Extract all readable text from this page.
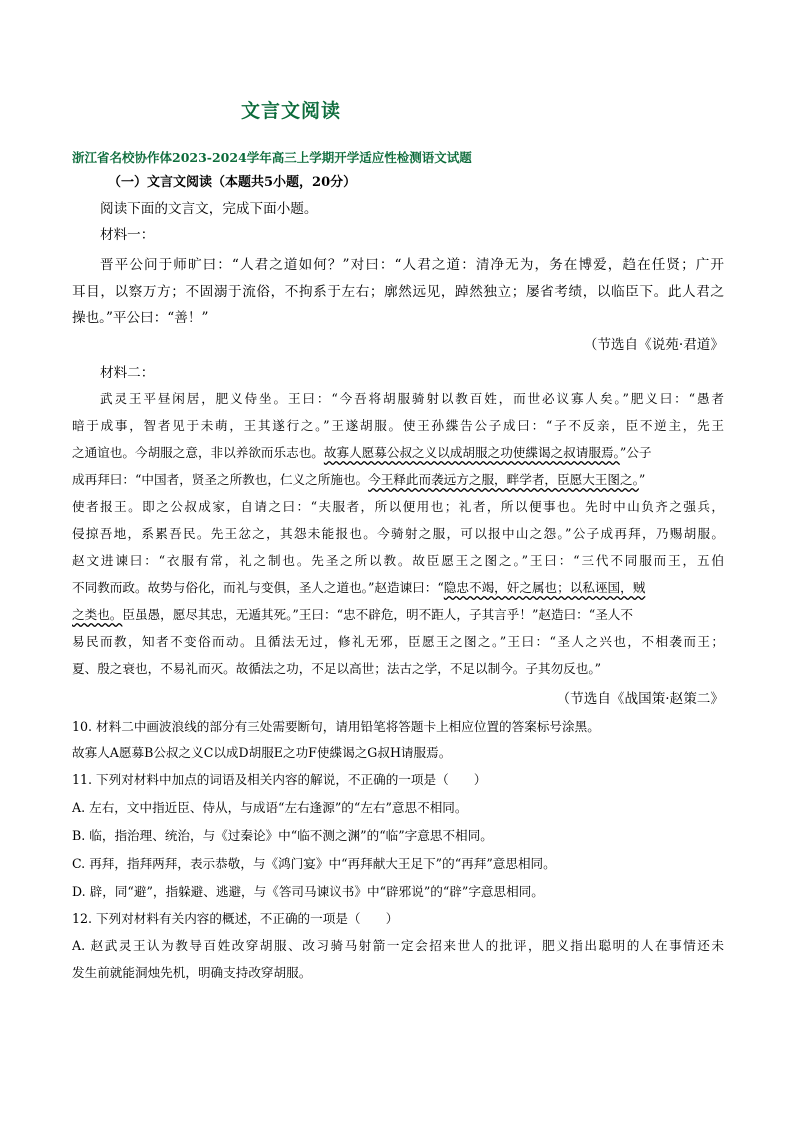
文言文阅读
浙江省名校协作体2023-2024学年高三上学期开学适应性检测语文试题
（一）文言文阅读（本题共5小题，20分）
阅读下面的文言文，完成下面小题。
材料一：
晋平公问于师旷曰：“人君之道如何？”对曰：“人君之道：清净无为，务在博爱，趋在任贤；广开
耳目，以察万方；不固溺于流俗，不拘系于左右；廓然远见，踔然独立；屡省考绩，以临臣下。此人君之
操也。”平公曰：“善！”
（节选自《说苑·君道》
材料二：
武灵王平昼闲居，肥义侍坐。王曰：“今吾将胡服骑射以教百姓，而世必议寡人矣。”肥义曰：“愚者
暗于成事，智者见于未萌，王其遂行之。”王遂胡服。使王孙緤告公子成曰：“子不反亲，臣不逆主，先王
之通谊也。今胡服之意，非以养欲而乐志也。故寡人愿募公叔之义以成胡服之功使緤谒之叔请服焉。”公子
成再拜曰：“中国者，贤圣之所教也，仁义之所施也。今王释此而袭远方之服，畔学者，臣愿大王图之。”
使者报王。即之公叔成家，自请之曰：“夫服者，所以便用也；礼者，所以便事也。先时中山负齐之强兵，
侵掠吾地，系累吾民。先王忿之，其怨未能报也。今骑射之服，可以报中山之怨。”公子成再拜，乃赐胡服。
赵文进谏曰：“衣服有常，礼之制也。先圣之所以教。故臣愿王之图之。”王曰：“三代不同服而王，五伯
不同教而政。故势与俗化，而礼与变俱，圣人之道也。”赵造谏曰：“隐忠不竭，奸之属也；以私诬国，贼
之类也。臣虽愚，愿尽其忠，无遁其死。”王曰：“忠不辟危，明不距人，子其言乎！”赵造曰：“圣人不
易民而教，知者不变俗而动。且循法无过，修礼无邪，臣愿王之图之。”王曰：“圣人之兴也，不相袭而王；
夏、殷之衰也，不易礼而灭。故循法之功，不足以高世；法古之学，不足以制今。子其勿反也。”
（节选自《战国策·赵策二》
10. 材料二中画波浪线的部分有三处需要断句，请用铅笔将答题卡上相应位置的答案标号涂黑。
故寡人A愿募B公叔之义C以成D胡服E之功F使緤谒之G叔H请服焉。
11. 下列对材料中加点的词语及相关内容的解说，不正确的一项是（　　）
A. 左右，文中指近臣、侍从，与成语“左右逢源”的“左右”意思不相同。
B. 临，指治理、统治，与《过秦论》中“临不测之渊”的“临”字意思不相同。
C. 再拜，指拜两拜，表示恭敬，与《鸿门宴》中“再拜献大王足下”的“再拜”意思相同。
D. 辟，同“避”，指躲避、逃避，与《答司马谏议书》中“辟邪说”的“辟”字意思相同。
12. 下列对材料有关内容的概述，不正确的一项是（　　）
A. 赵武灵王认为教导百姓改穿胡服、改习骑马射箭一定会招来世人的批评，肥义指出聪明的人在事情还未
发生前就能洞烛先机，明确支持改穿胡服。
